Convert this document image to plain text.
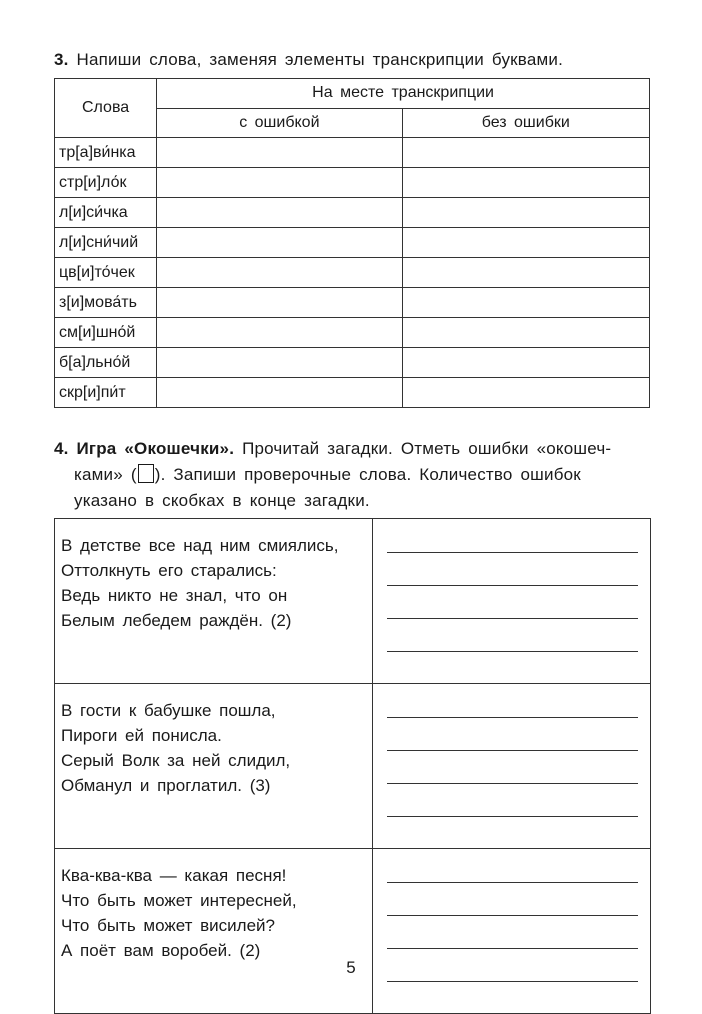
3. Напиши слова, заменяя элементы транскрипции буквами.
Слова	На месте транскрипции	
	с ошибкой	без ошибки
тр[а]ви́нка		
стр[и]ло́к		
л[и]си́чка		
л[и]сни́чий		
цв[и]то́чек		
з[и]мова́ть		
см[и]шно́й		
б[а]льно́й		
скр[и]пи́т		
4. Игра «Окошечки». Прочитай загадки. Отметь ошибки «окошеч-
ками» ( ). Запиши проверочные слова. Количество ошибок
указано в скобках в конце загадки.
В детстве все над ним смиялись,
Оттолкнуть его старались:
Ведь никто не знал, что он
Белым лебедем раждён. (2)	

В гости к бабушке пошла,
Пироги ей понисла.
Серый Волк за ней слидил,
Обманул и проглатил. (3)	

Ква-ква-ква — какая песня!
Что быть может интересней,
Что быть может висилей?
А поёт вам воробей. (2)	

5
